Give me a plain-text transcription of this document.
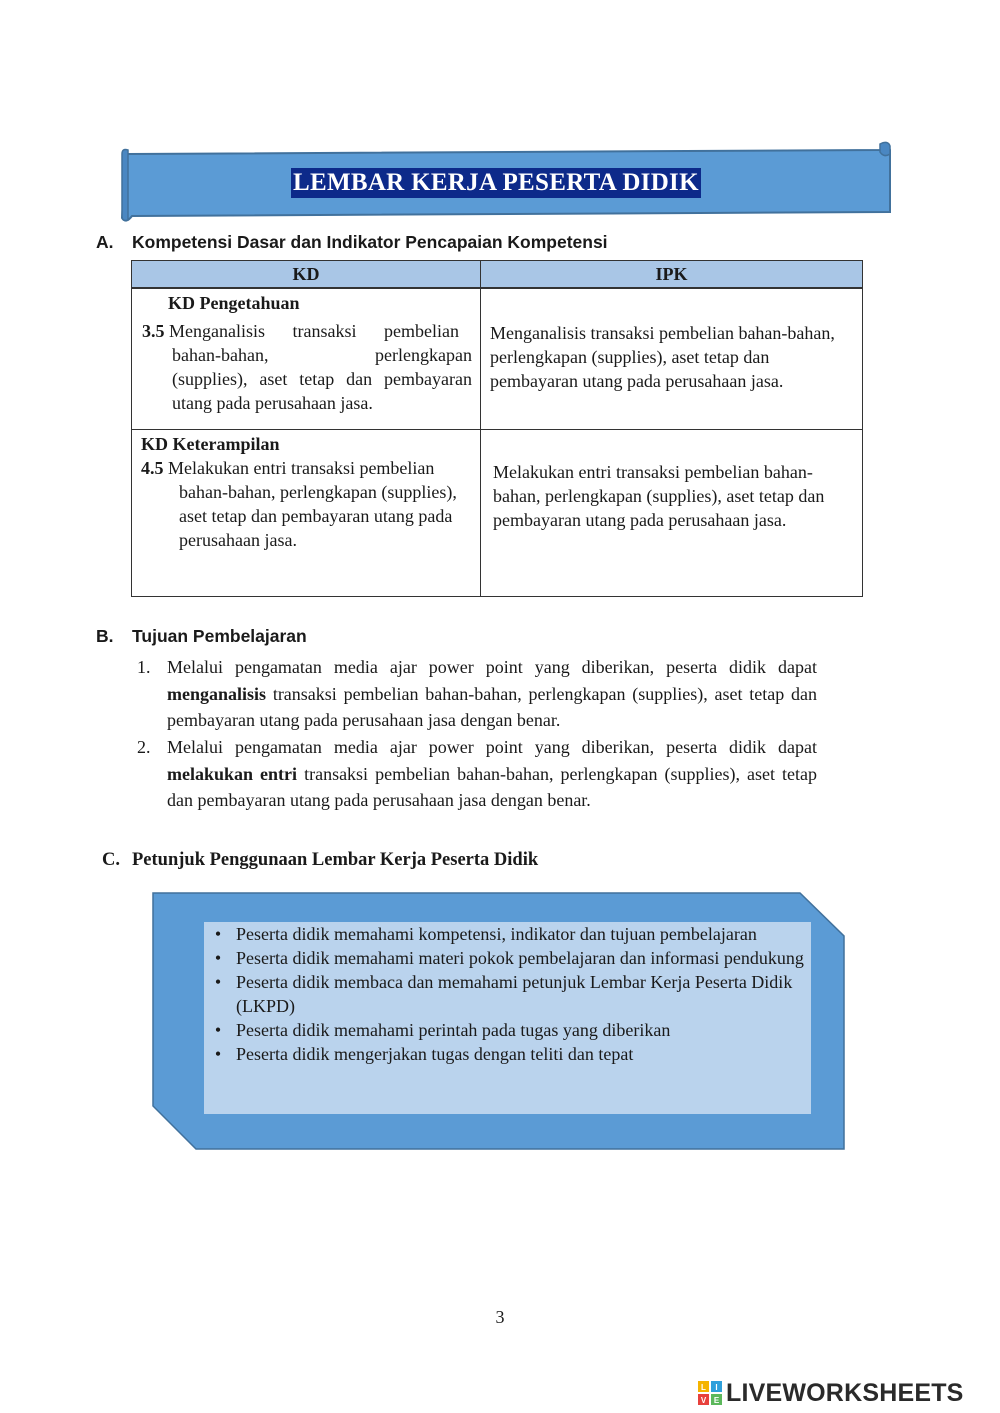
LEMBAR KERJA PESERTA DIDIK
A. Kompetensi Dasar dan Indikator Pencapaian Kompetensi
KD	IPK

KD Pengetahuan
3.5 Menganalisis transaksi pembelian
bahan-bahan, perlengkapan
(supplies), aset tetap dan pembayaran
utang pada perusahaan jasa.	Menganalisis transaksi pembelian bahan-bahan, perlengkapan (supplies), aset tetap dan pembayaran utang pada perusahaan jasa.

KD Keterampilan
4.5 Melakukan entri transaksi pembelian
bahan-bahan, perlengkapan (supplies), aset tetap dan pembayaran utang pada perusahaan jasa.	Melakukan entri transaksi pembelian bahan-bahan, perlengkapan (supplies), aset tetap dan pembayaran utang pada perusahaan jasa.
B. Tujuan Pembelajaran
1. Melalui pengamatan media ajar power point yang diberikan, peserta didik dapat menganalisis transaksi pembelian bahan-bahan, perlengkapan (supplies), aset tetap dan pembayaran utang pada perusahaan jasa dengan benar.
2. Melalui pengamatan media ajar power point yang diberikan, peserta didik dapat melakukan entri transaksi pembelian bahan-bahan, perlengkapan (supplies), aset tetap dan pembayaran utang pada perusahaan jasa dengan benar.
C. Petunjuk Penggunaan Lembar Kerja Peserta Didik
• Peserta didik memahami kompetensi, indikator dan tujuan pembelajaran
• Peserta didik memahami materi pokok pembelajaran dan informasi pendukung
• Peserta didik membaca dan memahami petunjuk Lembar Kerja Peserta Didik (LKPD)
• Peserta didik memahami perintah pada tugas yang diberikan
• Peserta didik mengerjakan tugas dengan teliti dan tepat
3
L I
V E LIVEWORKSHEETS
